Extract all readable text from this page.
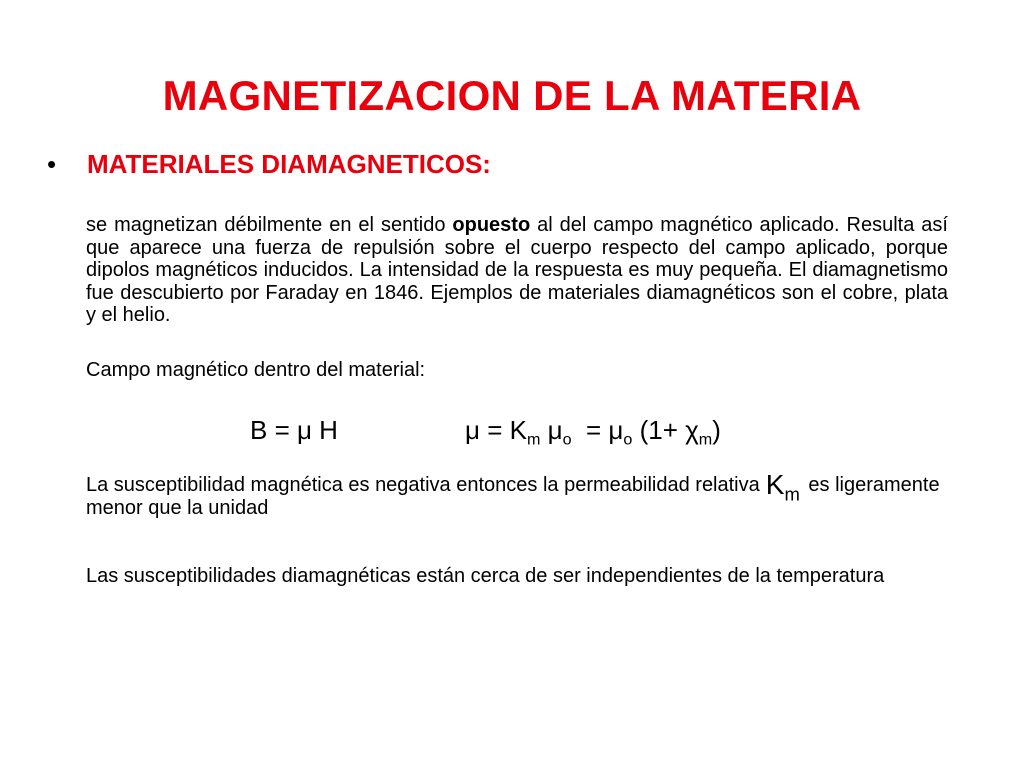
MAGNETIZACION DE LA MATERIA
• MATERIALES DIAMAGNETICOS:
se magnetizan débilmente en el sentido opuesto al del campo magnético aplicado. Resulta así que aparece una fuerza de repulsión sobre el cuerpo respecto del campo aplicado, porque dipolos magnéticos inducidos. La intensidad de la respuesta es muy pequeña. El diamagnetismo fue descubierto por Faraday en 1846. Ejemplos de materiales diamagnéticos son el cobre, plata y el helio.
Campo magnético dentro del material:
B = μ H	$\mu = K_m$ $\mu_o = \mu_o$ $(1+ \chi_m)$
La susceptibilidad magnética es negativa entonces la permeabilidad relativa $K_m$ es ligeramente menor que la unidad
Las susceptibilidades diamagnéticas están cerca de ser independientes de la temperatura
